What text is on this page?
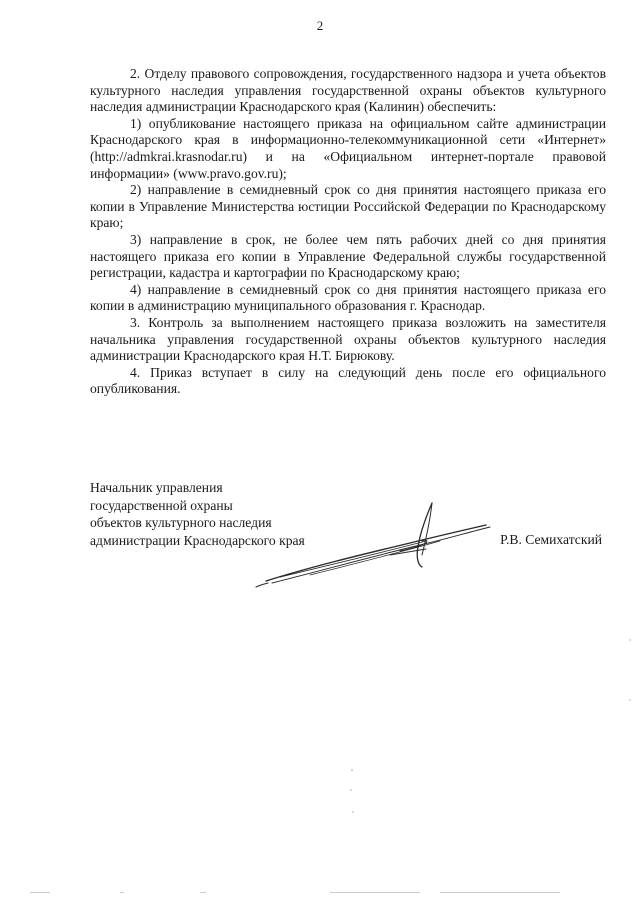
2

2. Отделу правового сопровождения, государственного надзора и учета объектов культурного наследия управления государственной охраны объектов культурного наследия администрации Краснодарского края (Калинин) обеспечить:

1) опубликование настоящего приказа на официальном сайте администрации Краснодарского края в информационно-телекоммуникационной сети «Интернет» (http://admkrai.krasnodar.ru) и на «Официальном интернет-портале правовой информации» (www.pravo.gov.ru);

2) направление в семидневный срок со дня принятия настоящего приказа его копии в Управление Министерства юстиции Российской Федерации по Краснодарскому краю;

3) направление в срок, не более чем пять рабочих дней со дня принятия настоящего приказа его копии в Управление Федеральной службы государственной регистрации, кадастра и картографии по Краснодарскому краю;

4) направление в семидневный срок со дня принятия настоящего приказа его копии в администрацию муниципального образования г. Краснодар.

3. Контроль за выполнением настоящего приказа возложить на заместителя начальника управления государственной охраны объектов культурного наследия администрации Краснодарского края Н.Т. Бирюкову.

4. Приказ вступает в силу на следующий день после его официального опубликования.

Начальник управления
государственной охраны
объектов культурного наследия
администрации Краснодарского края	Р.В. Семихатский
